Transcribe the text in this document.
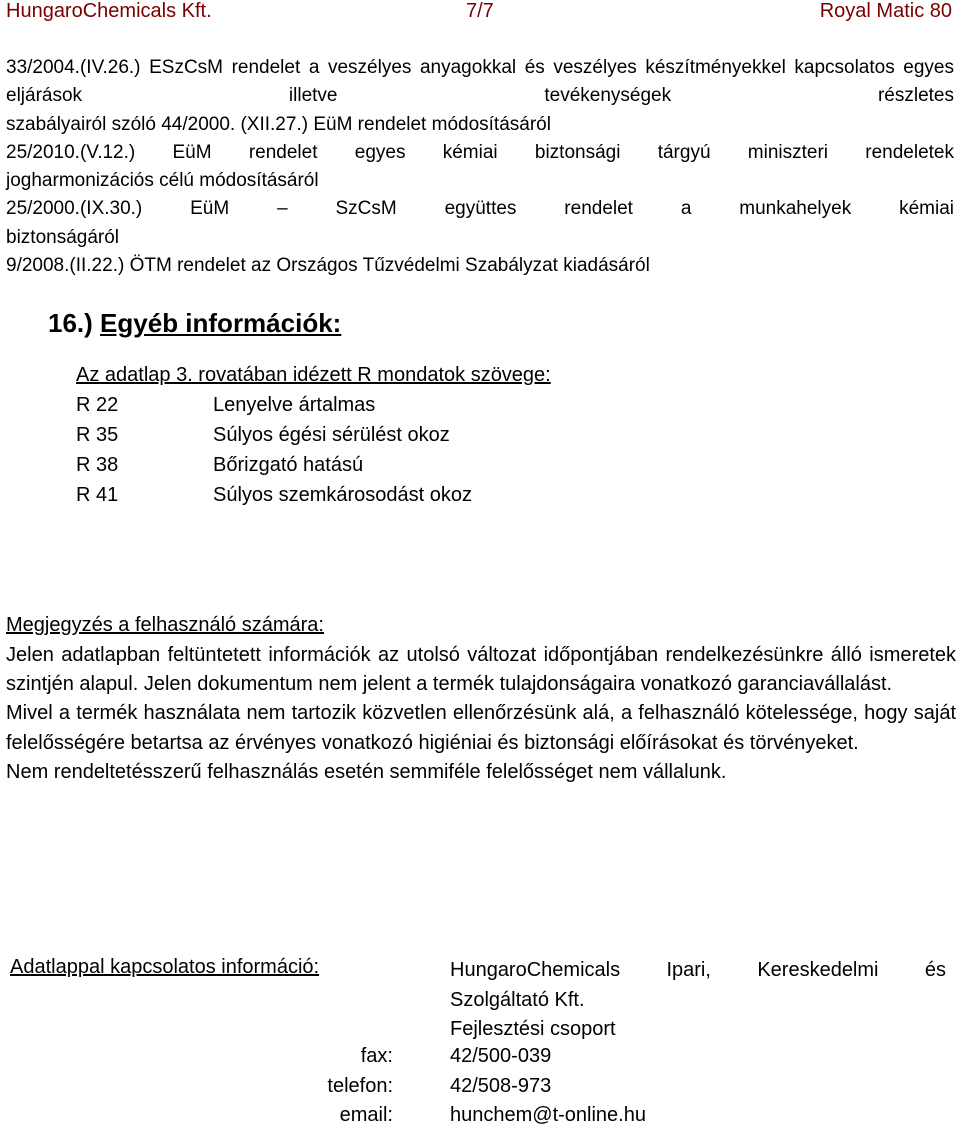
HungaroChemicals Kft.	7/7	Royal Matic 80
33/2004.(IV.26.) ESzCsM rendelet a veszélyes anyagokkal és veszélyes készítményekkel kapcsolatos egyes eljárások illetve tevékenységek részletes
szabályairól szóló 44/2000. (XII.27.) EüM rendelet módosításáról
25/2010.(V.12.) EüM rendelet egyes kémiai biztonsági tárgyú miniszteri rendeletek
jogharmonizációs célú módosításáról
25/2000.(IX.30.) EüM – SzCsM együttes rendelet a munkahelyek kémiai
biztonságáról
9/2008.(II.22.) ÖTM rendelet az Országos Tűzvédelmi Szabályzat kiadásáról
16.) Egyéb információk:
Az adatlap 3. rovatában idézett R mondatok szövege:
R 22	Lenyelve ártalmas
R 35	Súlyos égési sérülést okoz
R 38	Bőrizgató hatású
R 41	Súlyos szemkárosodást okoz
Megjegyzés a felhasználó számára:

Jelen adatlapban feltüntetett információk az utolsó változat időpontjában rendelkezésünkre álló ismeretek szintjén alapul. Jelen dokumentum nem jelent a termék tulajdonságaira vonatkozó garanciavállalást.

Mivel a termék használata nem tartozik közvetlen ellenőrzésünk alá, a felhasználó kötelessége, hogy saját felelősségére betartsa az érvényes vonatkozó higiéniai és biztonsági előírásokat és törvényeket.

Nem rendeltetésszerű felhasználás esetén semmiféle felelősséget nem vállalunk.

Adatlappal kapcsolatos információ:	HungaroChemicals Ipari, Kereskedelmi és
Szolgáltató Kft.
Fejlesztési csoport
fax:	42/500-039
telefon:	42/508-973
email:	hunchem@t-online.hu
